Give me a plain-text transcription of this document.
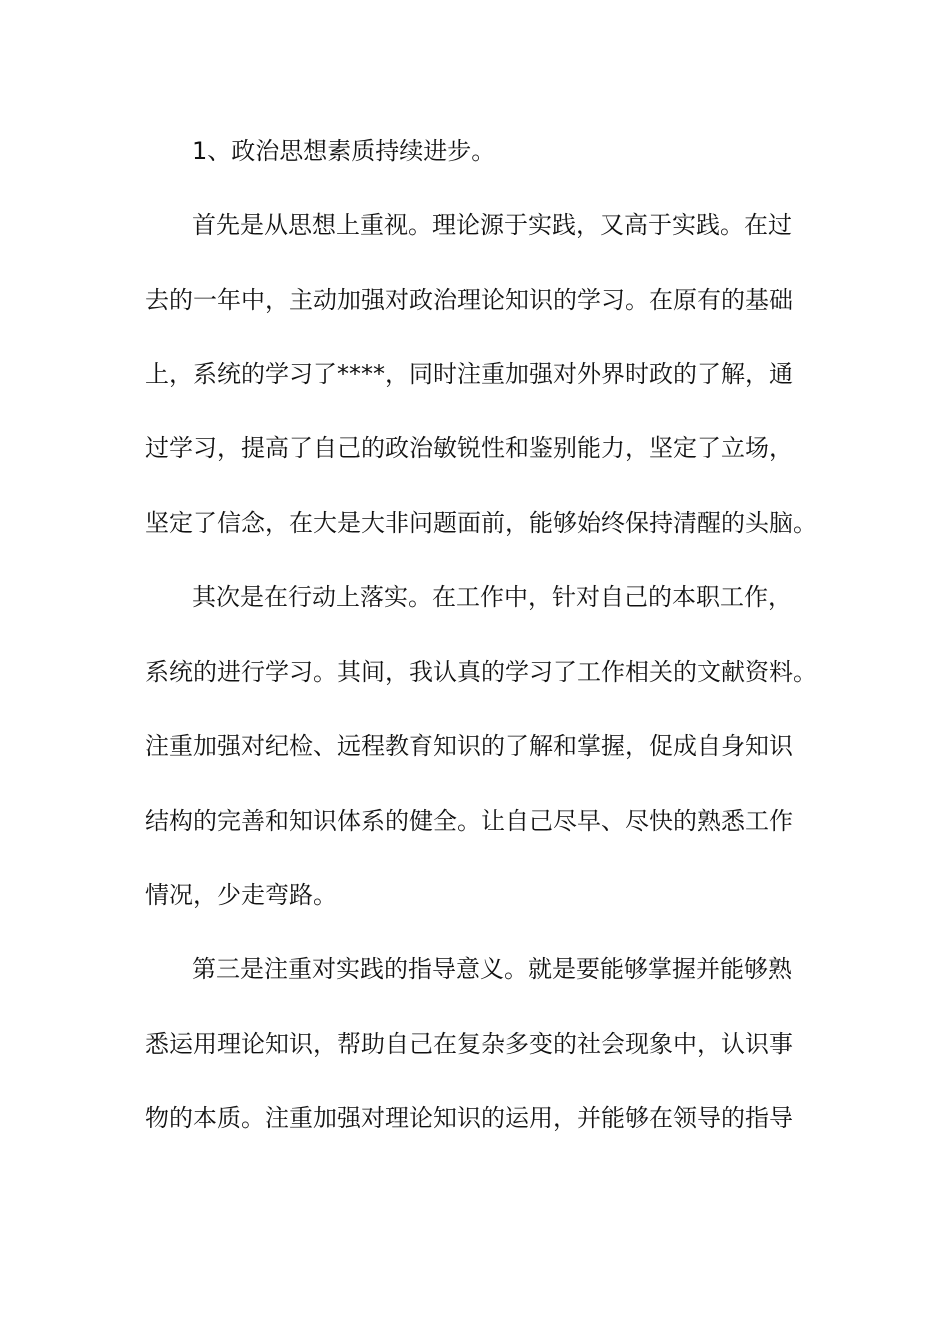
1、政治思想素质持续进步。
首先是从思想上重视。理论源于实践，又高于实践。在过
去的一年中，主动加强对政治理论知识的学习。在原有的基础
上，系统的学习了****，同时注重加强对外界时政的了解，通
过学习，提高了自己的政治敏锐性和鉴别能力，坚定了立场，
坚定了信念，在大是大非问题面前，能够始终保持清醒的头脑。
其次是在行动上落实。在工作中，针对自己的本职工作，
系统的进行学习。其间，我认真的学习了工作相关的文献资料。
注重加强对纪检、远程教育知识的了解和掌握，促成自身知识
结构的完善和知识体系的健全。让自己尽早、尽快的熟悉工作
情况，少走弯路。
第三是注重对实践的指导意义。就是要能够掌握并能够熟
悉运用理论知识，帮助自己在复杂多变的社会现象中，认识事
物的本质。注重加强对理论知识的运用，并能够在领导的指导
